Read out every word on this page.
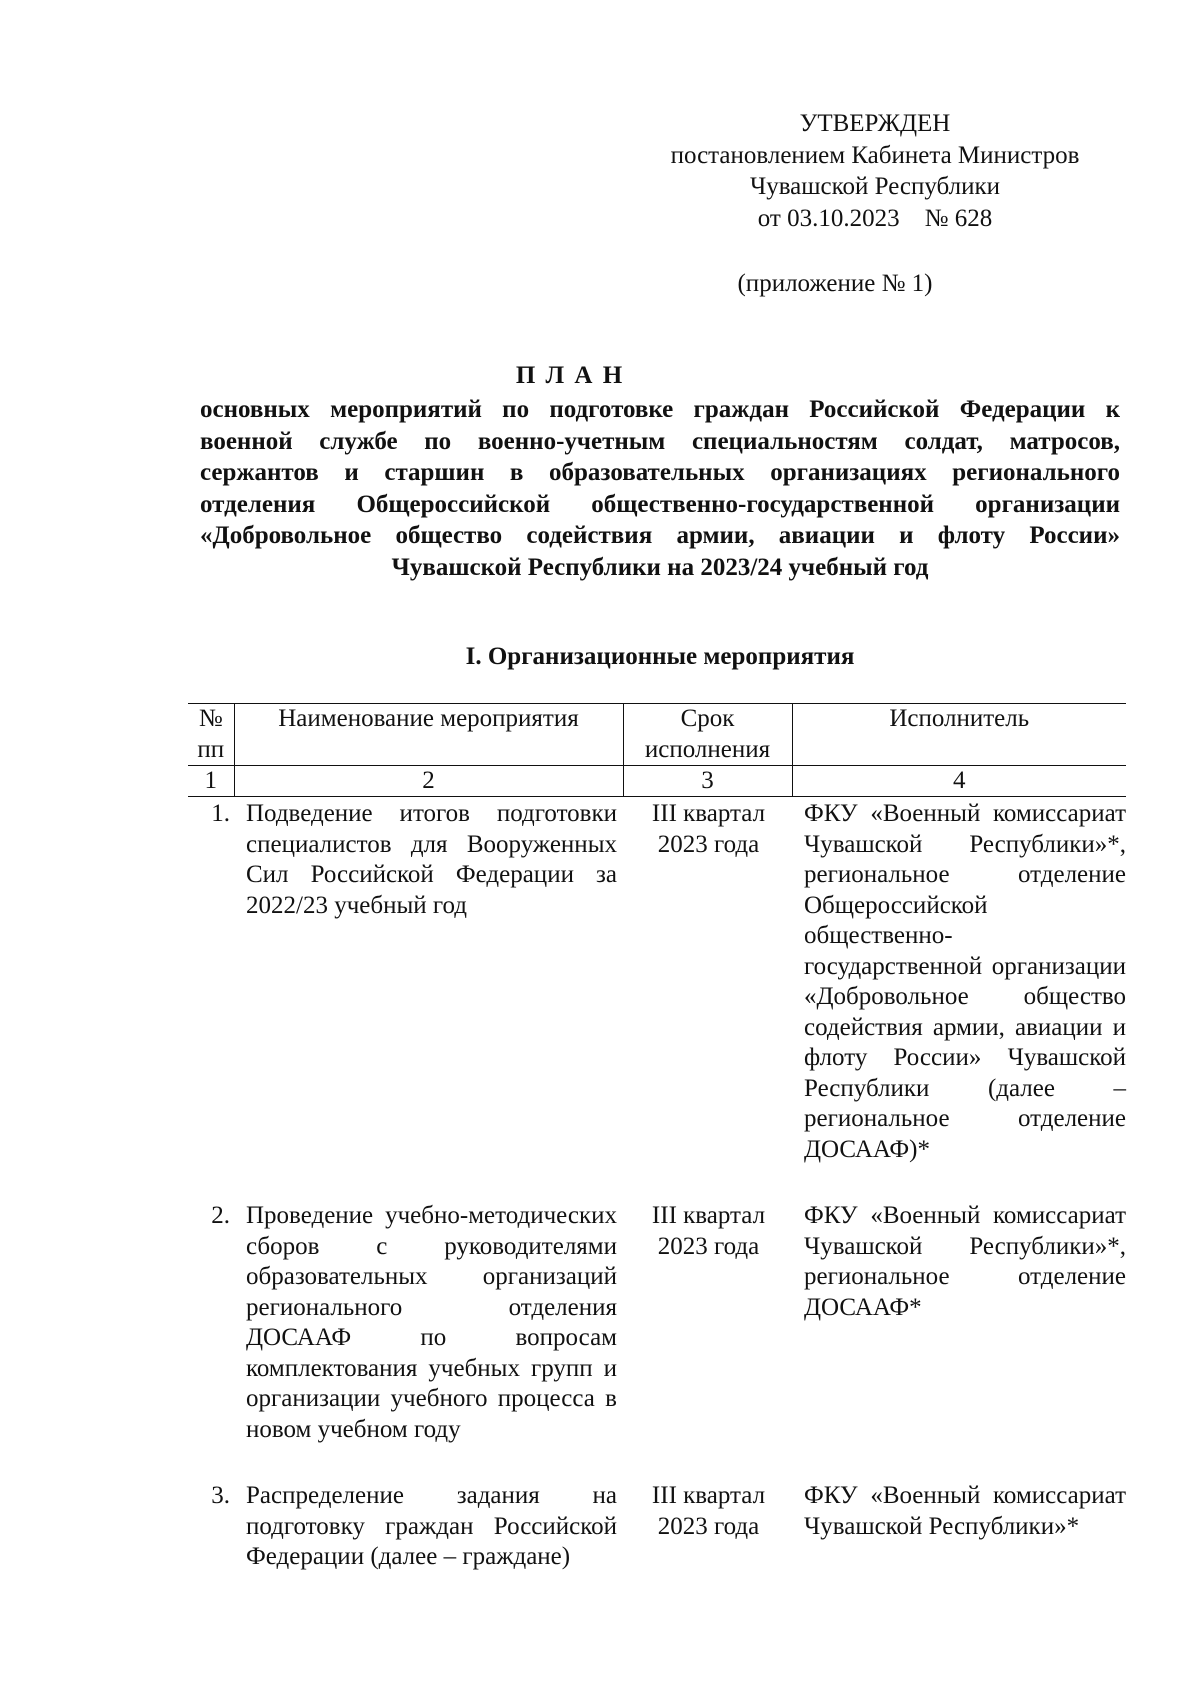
УТВЕРЖДЕН
постановлением Кабинета Министров
Чувашской Республики
от 03.10.2023    № 628
(приложение № 1)
П Л А Н
основных мероприятий по подготовке граждан Российской Федерации к военной службе по военно-учетным специальностям солдат, матросов, сержантов и старшин в образовательных организациях регионального отделения Общероссийской общественно-государственной организации «Добровольное общество содействия армии, авиации и флоту России» Чувашской Республики на 2023/24 учебный год
I. Организационные мероприятия
№ пп	Наименование мероприятия	Срок исполнения	Исполнитель
1	2	3	4
1.	Подведение итогов подготовки специалистов для Вооруженных Сил Российской Федерации за 2022/23 учебный год	III квартал 2023 года	ФКУ «Военный комиссариат Чувашской Республики»*, региональное отделение Общероссийской общественно-государственной организации «Добровольное общество содействия армии, авиации и флоту России» Чувашской Республики (далее – региональное отделение ДОСААФ)*
2.	Проведение учебно-методических сборов с руководителями образовательных организаций регионального отделения ДОСААФ по вопросам комплектования учебных групп и организации учебного процесса в новом учебном году	III квартал 2023 года	ФКУ «Военный комиссариат Чувашской Республики»*, региональное отделение ДОСААФ*
3.	Распределение задания на подготовку граждан Российской Федерации (далее – граждане)	III квартал 2023 года	ФКУ «Военный комиссариат Чувашской Республики»*
